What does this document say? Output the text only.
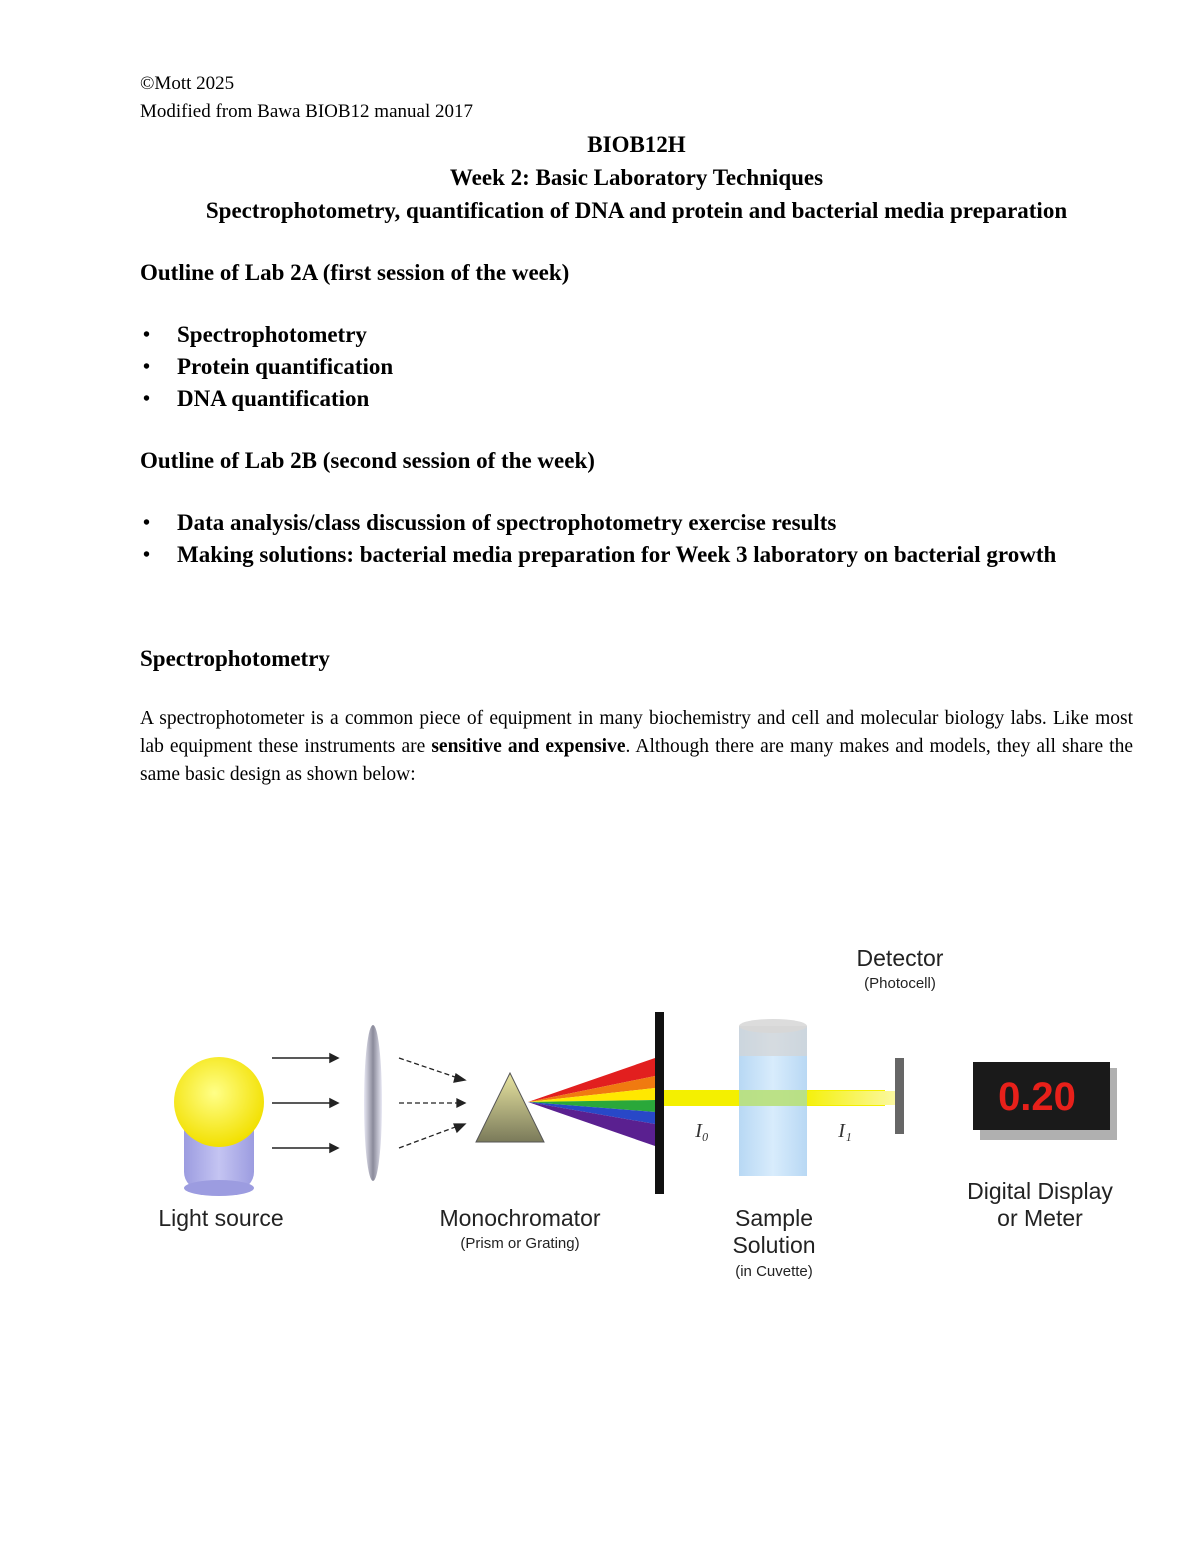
©Mott 2025
Modified from Bawa BIOB12 manual 2017
BIOB12H
Week 2: Basic Laboratory Techniques
Spectrophotometry, quantification of DNA and protein and bacterial media preparation
Outline of Lab 2A (first session of the week)
• Spectrophotometry
• Protein quantification
• DNA quantification
Outline of Lab 2B (second session of the week)
• Data analysis/class discussion of spectrophotometry exercise results
• Making solutions: bacterial media preparation for Week 3 laboratory on bacterial growth
Spectrophotometry

A spectrophotometer is a common piece of equipment in many biochemistry and cell and molecular biology labs. Like most lab equipment these instruments are sensitive and expensive. Although there are many makes and models, they all share the same basic design as shown below:

Detector
(Photocell)
I₀	I₁
0.20
Light source	Monochromator
(Prism or Grating)
Sample
Solution
(in Cuvette)
Digital Display
or Meter
